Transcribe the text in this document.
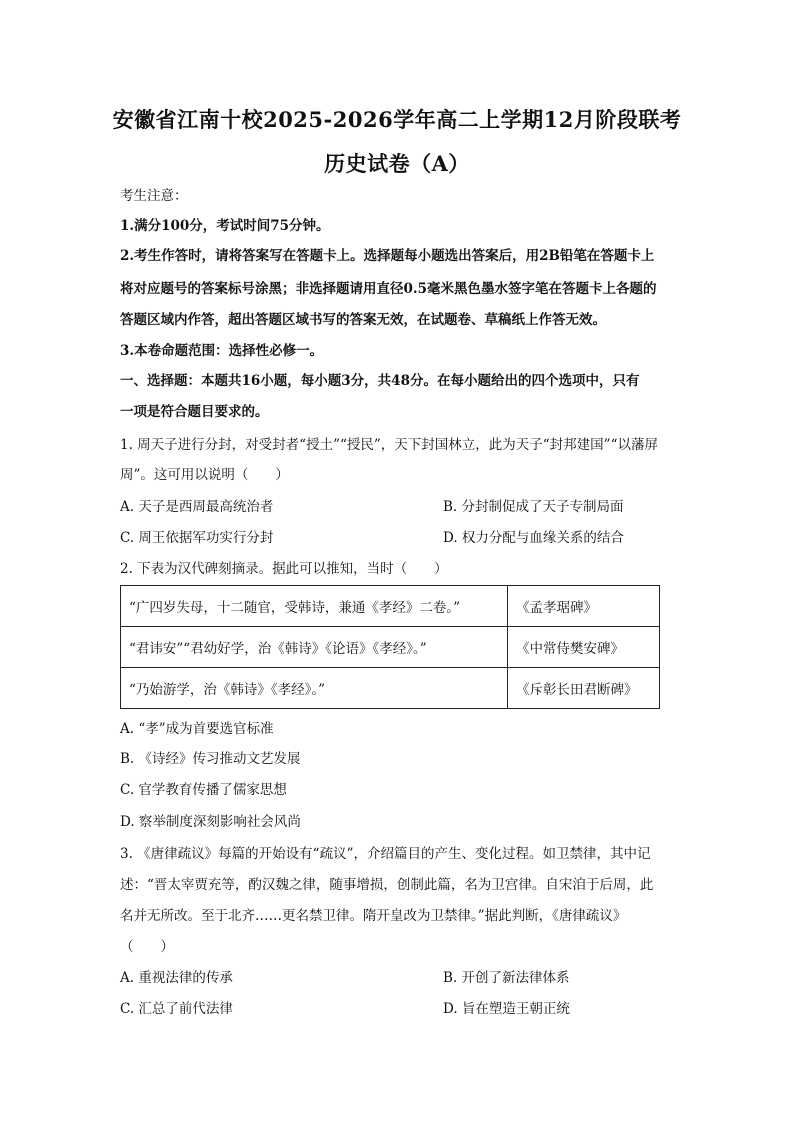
安徽省江南十校2025-2026学年高二上学期12月阶段联考
历史试卷（A）
考生注意：
1.满分100分，考试时间75分钟。
2.考生作答时，请将答案写在答题卡上。选择题每小题选出答案后，用2B铅笔在答题卡上
将对应题号的答案标号涂黑；非选择题请用直径0.5毫米黑色墨水签字笔在答题卡上各题的
答题区域内作答，超出答题区域书写的答案无效，在试题卷、草稿纸上作答无效。
3.本卷命题范围：选择性必修一。
一、选择题：本题共16小题，每小题3分，共48分。在每小题给出的四个选项中，只有
一项是符合题目要求的。
1. 周天子进行分封，对受封者“授土”“授民”，天下封国林立，此为天子“封邦建国”“以藩屏
周”。这可用以说明（　　）
A. 天子是西周最高统治者	B. 分封制促成了天子专制局面
C. 周王依据军功实行分封	D. 权力分配与血缘关系的结合
2. 下表为汉代碑刻摘录。据此可以推知，当时（　　）
“广四岁失母，十二随官，受韩诗，兼通《孝经》二卷。”	《孟孝琚碑》
“君讳安”“君幼好学，治《韩诗》《论语》《孝经》。”	《中常侍樊安碑》
“乃始游学，治《韩诗》《孝经》。”	《斥彰长田君断碑》
A. “孝”成为首要选官标准
B. 《诗经》传习推动文艺发展
C. 官学教育传播了儒家思想
D. 察举制度深刻影响社会风尚
3. 《唐律疏议》每篇的开始设有“疏议”，介绍篇目的产生、变化过程。如卫禁律，其中记
述：“晋太宰贾充等，酌汉魏之律，随事增损，创制此篇，名为卫宫律。自宋洎于后周，此
名并无所改。至于北齐……更名禁卫律。隋开皇改为卫禁律。”据此判断，《唐律疏议》
（　　）
A. 重视法律的传承	B. 开创了新法律体系
C. 汇总了前代法律	D. 旨在塑造王朝正统
